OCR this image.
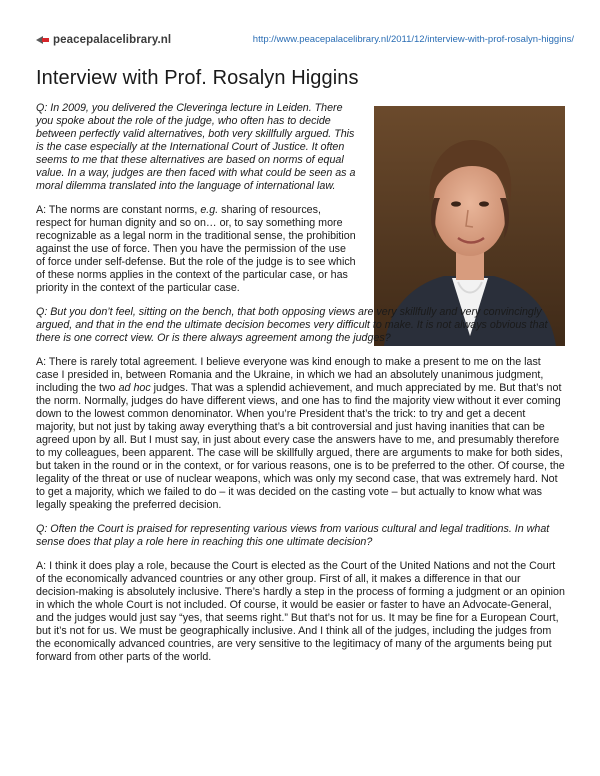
peacepalacelibrary.nl	http://www.peacepalacelibrary.nl/2011/12/interview-with-prof-rosalyn-higgins/
Interview with Prof. Rosalyn Higgins

Q: In 2009, you delivered the Cleveringa lecture in Leiden. There you spoke about the role of the judge, who often has to decide between perfectly valid alternatives, both very skillfully argued. This is the case especially at the International Court of Justice. It often seems to me that these alternatives are based on norms of equal value. In a way, judges are then faced with what could be seen as a moral dilemma translated into the language of international law.

A: The norms are constant norms, e.g. sharing of resources, respect for human dignity and so on… or, to say something more recognizable as a legal norm in the traditional sense, the prohibition against the use of force. Then you have the permission of the use of force under self-defense. But the role of the judge is to see which of these norms applies in the context of the particular case, or has priority in the context of the particular case.

Q: But you don’t feel, sitting on the bench, that both opposing views are very skillfully and very convincingly argued, and that in the end the ultimate decision becomes very difficult to make. It is not always obvious that there is one correct view. Or is there always agreement among the judges?

A: There is rarely total agreement. I believe everyone was kind enough to make a present to me on the last case I presided in, between Romania and the Ukraine, in which we had an absolutely unanimous judgment, including the two ad hoc judges. That was a splendid achievement, and much appreciated by me. But that’s not the norm. Normally, judges do have different views, and one has to find the majority view without it ever coming down to the lowest common denominator. When you’re President that’s the trick: to try and get a decent majority, but not just by taking away everything that’s a bit controversial and just having inanities that can be agreed upon by all. But I must say, in just about every case the answers have to me, and presumably therefore to my colleagues, been apparent. The case will be skillfully argued, there are arguments to make for both sides, but taken in the round or in the context, or for various reasons, one is to be preferred to the other. Of course, the legality of the threat or use of nuclear weapons, which was only my second case, that was extremely hard. Not to get a majority, which we failed to do – it was decided on the casting vote – but actually to know what was legally speaking the preferred decision.

Q: Often the Court is praised for representing various views from various cultural and legal traditions. In what sense does that play a role here in reaching this one ultimate decision?

A: I think it does play a role, because the Court is elected as the Court of the United Nations and not the Court of the economically advanced countries or any other group. First of all, it makes a difference in that our decision-making is absolutely inclusive. There’s hardly a step in the process of forming a judgment or an opinion in which the whole Court is not included. Of course, it would be easier or faster to have an Advocate-General, and the judges would just say “yes, that seems right.” But that’s not for us. It may be fine for a European Court, but it’s not for us. We must be geographically inclusive. And I think all of the judges, including the judges from the economically advanced countries, are very sensitive to the legitimacy of many of the arguments being put forward from other parts of the world.
